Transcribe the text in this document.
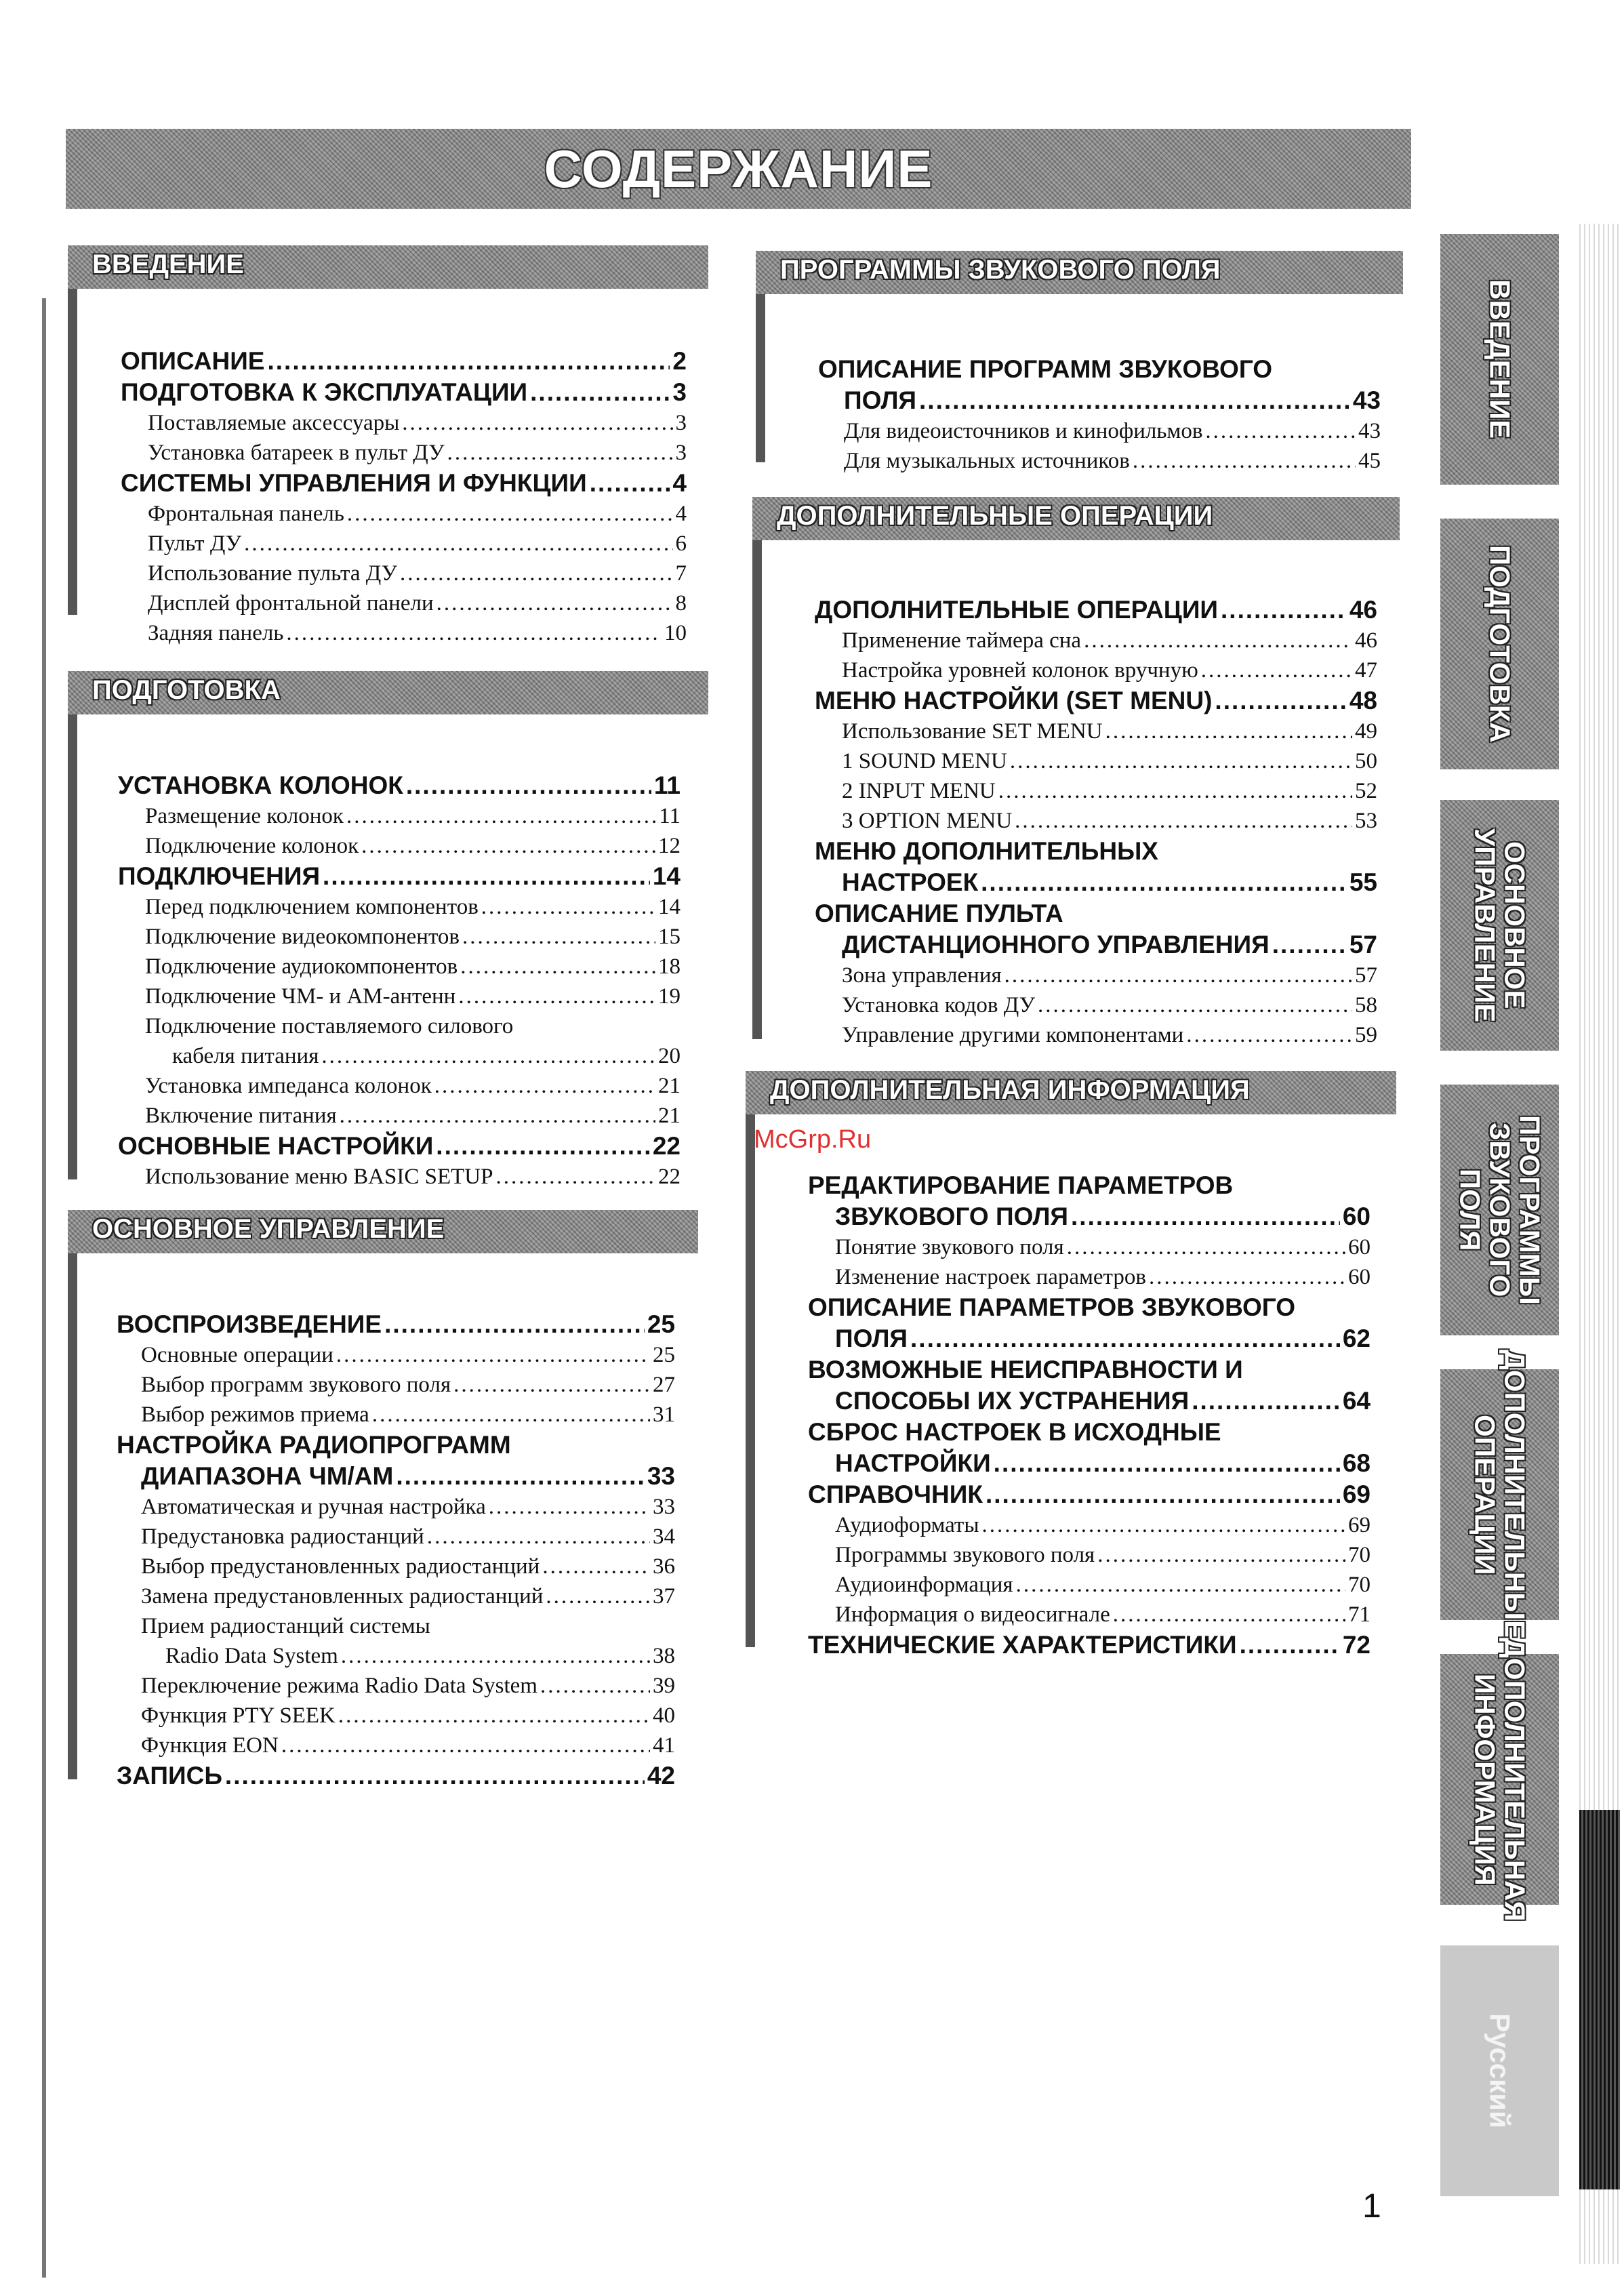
СОДЕРЖАНИЕ
ВВЕДЕНИЕ
ОПИСАНИЕ .....	2
ПОДГОТОВКА К ЭКСПЛУАТАЦИИ .....	3
Поставляемые аксессуары .....	3
Установка батареек в пульт ДУ .....	3
СИСТЕМЫ УПРАВЛЕНИЯ И ФУНКЦИИ .....	4
Фронтальная панель .....	4
Пульт ДУ .....	6
Использование пульта ДУ .....	7
Дисплей фронтальной панели .....	8
Задняя панель .....	10
ПОДГОТОВКА
УСТАНОВКА КОЛОНОК .....	11
Размещение колонок .....	11
Подключение колонок .....	12
ПОДКЛЮЧЕНИЯ .....	14
Перед подключением компонентов .....	14
Подключение видеокомпонентов .....	15
Подключение аудиокомпонентов .....	18
Подключение ЧМ- и АМ-антенн .....	19
Подключение поставляемого силового
кабеля питания .....	20
Установка импеданса колонок .....	21
Включение питания .....	21
ОСНОВНЫЕ НАСТРОЙКИ .....	22
Использование меню BASIC SETUP .....	22
ОСНОВНОЕ УПРАВЛЕНИЕ
ВОСПРОИЗВЕДЕНИЕ .....	25
Основные операции .....	25
Выбор программ звукового поля .....	27
Выбор режимов приема .....	31
НАСТРОЙКА РАДИОПРОГРАММ
ДИАПАЗОНА ЧМ/АМ .....	33
Автоматическая и ручная настройка .....	33
Предустановка радиостанций .....	34
Выбор предустановленных радиостанций .....	36
Замена предустановленных радиостанций .....	37
Прием радиостанций системы
Radio Data System .....	38
Переключение режима Radio Data System .....	39
Функция PTY SEEK .....	40
Функция EON .....	41
ЗАПИСЬ .....	42
ПРОГРАММЫ ЗВУКОВОГО ПОЛЯ
ОПИСАНИЕ ПРОГРАММ ЗВУКОВОГО
ПОЛЯ .....	43
Для видеоисточников и кинофильмов .....	43
Для музыкальных источников .....	45
ДОПОЛНИТЕЛЬНЫЕ ОПЕРАЦИИ
ДОПОЛНИТЕЛЬНЫЕ ОПЕРАЦИИ .....	46
Применение таймера сна .....	46
Настройка уровней колонок вручную .....	47
МЕНЮ НАСТРОЙКИ (SET MENU) .....	48
Использование SET MENU .....	49
1 SOUND MENU .....	50
2 INPUT MENU .....	52
3 OPTION MENU .....	53
МЕНЮ ДОПОЛНИТЕЛЬНЫХ
НАСТРОЕК .....	55
ОПИСАНИЕ ПУЛЬТА
ДИСТАНЦИОННОГО УПРАВЛЕНИЯ .....	57
Зона управления .....	57
Установка кодов ДУ .....	58
Управление другими компонентами .....	59
ДОПОЛНИТЕЛЬНАЯ ИНФОРМАЦИЯ
РЕДАКТИРОВАНИЕ ПАРАМЕТРОВ
ЗВУКОВОГО ПОЛЯ .....	60
Понятие звукового поля .....	60
Изменение настроек параметров .....	60
ОПИСАНИЕ ПАРАМЕТРОВ ЗВУКОВОГО
ПОЛЯ .....	62
ВОЗМОЖНЫЕ НЕИСПРАВНОСТИ И
СПОСОБЫ ИХ УСТРАНЕНИЯ .....	64
СБРОС НАСТРОЕК В ИСХОДНЫЕ
НАСТРОЙКИ .....	68
СПРАВОЧНИК .....	69
Аудиоформаты .....	69
Программы звукового поля .....	70
Аудиоинформация .....	70
Информация о видеосигнале .....	71
ТЕХНИЧЕСКИЕ ХАРАКТЕРИСТИКИ .....	72
McGrp.Ru
ВВЕДЕНИЕ
ПОДГОТОВКА
ОСНОВНОЕ УПРАВЛЕНИЕ
ПРОГРАММЫ ЗВУКОВОГО ПОЛЯ
ДОПОЛНИТЕЛЬНЫЕ ОПЕРАЦИИ
ДОПОЛНИТЕЛЬНАЯ ИНФОРМАЦИЯ
Русский
1
